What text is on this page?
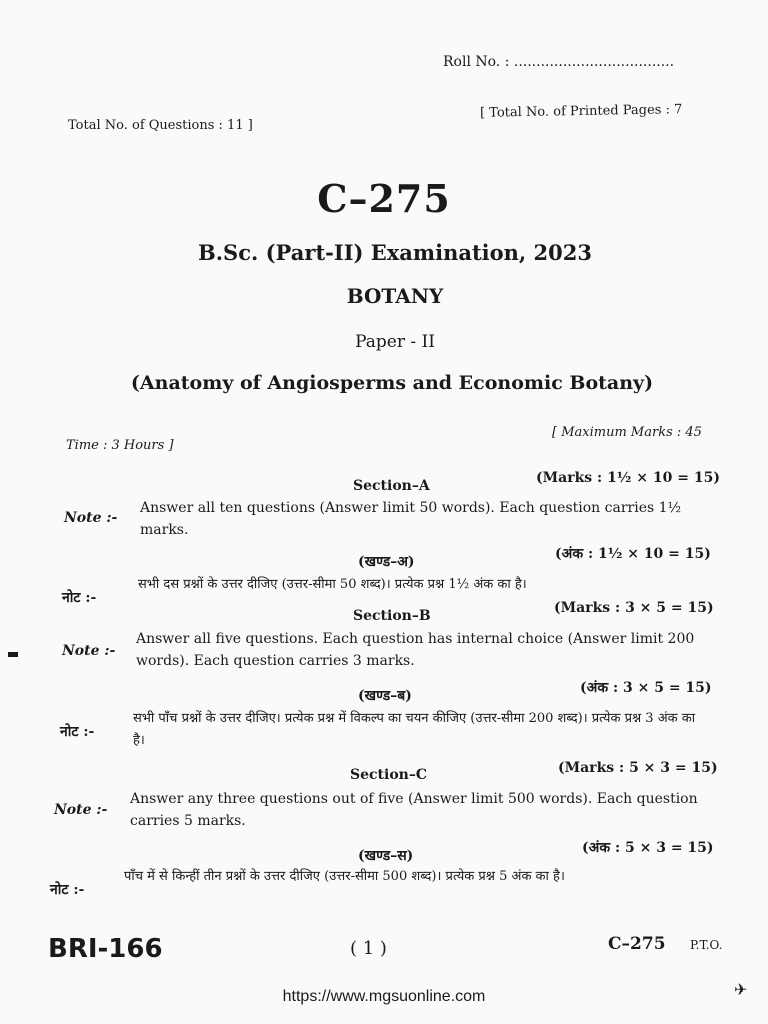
Roll No. : ....................................
Total No. of Questions : 11 ]
[ Total No. of Printed Pages : 7
C–275
B.Sc. (Part-II) Examination, 2023
BOTANY
Paper - II
(Anatomy of Angiosperms and Economic Botany)
Time : 3 Hours ]
[ Maximum Marks : 45
Section–A	(Marks : 1½ × 10 = 15)
Note :-
Answer all ten questions (Answer limit 50 words). Each question carries 1½ marks.
(खण्ड–अ)	(अंक : 1½ × 10 = 15)
नोट :-
सभी दस प्रश्नों के उत्तर दीजिए (उत्तर-सीमा 50 शब्द)। प्रत्येक प्रश्न 1½ अंक का है।
Section–B	(Marks : 3 × 5 = 15)
Note :-
Answer all five questions. Each question has internal choice (Answer limit 200 words). Each question carries 3 marks.
(खण्ड–ब)	(अंक : 3 × 5 = 15)
नोट :-
सभी पाँच प्रश्नों के उत्तर दीजिए। प्रत्येक प्रश्न में विकल्प का चयन कीजिए (उत्तर-सीमा 200 शब्द)। प्रत्येक प्रश्न 3 अंक का है।
Section–C	(Marks : 5 × 3 = 15)
Note :-
Answer any three questions out of five (Answer limit 500 words). Each question carries 5 marks.
(खण्ड–स)	(अंक : 5 × 3 = 15)
नोट :-
पाँच में से किन्हीं तीन प्रश्नों के उत्तर दीजिए (उत्तर-सीमा 500 शब्द)। प्रत्येक प्रश्न 5 अंक का है।
BRI-166	( 1 )	C–275 P.T.O.
https://www.mgsuonline.com	✈
